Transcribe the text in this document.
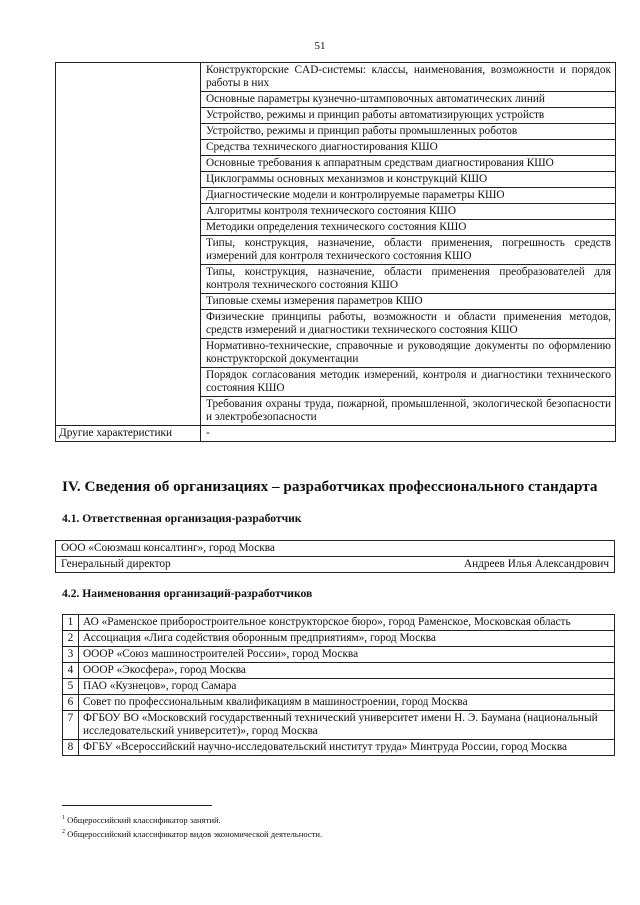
51
	Конструкторские CAD-системы: классы, наименования, возможности и порядок работы в них
	Основные параметры кузнечно-штамповочных автоматических линий
	Устройство, режимы и принцип работы автоматизирующих устройств
	Устройство, режимы и принцип работы промышленных роботов
	Средства технического диагностирования КШО
	Основные требования к аппаратным средствам диагностирования КШО
	Циклограммы основных механизмов и конструкций КШО
	Диагностические модели и контролируемые параметры КШО
	Алгоритмы контроля технического состояния КШО
	Методики определения технического состояния КШО
	Типы, конструкция, назначение, области применения, погрешность средств измерений для контроля технического состояния КШО
	Типы, конструкция, назначение, области применения преобразователей для контроля технического состояния КШО
	Типовые схемы измерения параметров КШО
	Физические принципы работы, возможности и области применения методов, средств измерений и диагностики технического состояния КШО
	Нормативно-технические, справочные и руководящие документы по оформлению конструкторской документации
	Порядок согласования методик измерений, контроля и диагностики технического состояния КШО
	Требования охраны труда, пожарной, промышленной, экологической безопасности и электробезопасности
Другие характеристики	-
IV. Сведения об организациях – разработчиках профессионального стандарта
4.1. Ответственная организация-разработчик
ООО «Союзмаш консалтинг», город Москва

Генеральный директор	Андреев Илья Александрович
4.2. Наименования организаций-разработчиков
1	АО «Раменское приборостроительное конструкторское бюро», город Раменское, Московская область
2	Ассоциация «Лига содействия оборонным предприятиям», город Москва
3	ОООР «Союз машиностроителей России», город Москва
4	ОООР «Экосфера», город Москва
5	ПАО «Кузнецов», город Самара
6	Совет по профессиональным квалификациям в машиностроении, город Москва
7	ФГБОУ ВО «Московский государственный технический университет имени Н. Э. Баумана (национальный исследовательский университет)», город Москва
8	ФГБУ «Всероссийский научно-исследовательский институт труда» Минтруда России, город Москва
$^1$ Общероссийский классификатор занятий.
$^2$ Общероссийский классификатор видов экономической деятельности.
